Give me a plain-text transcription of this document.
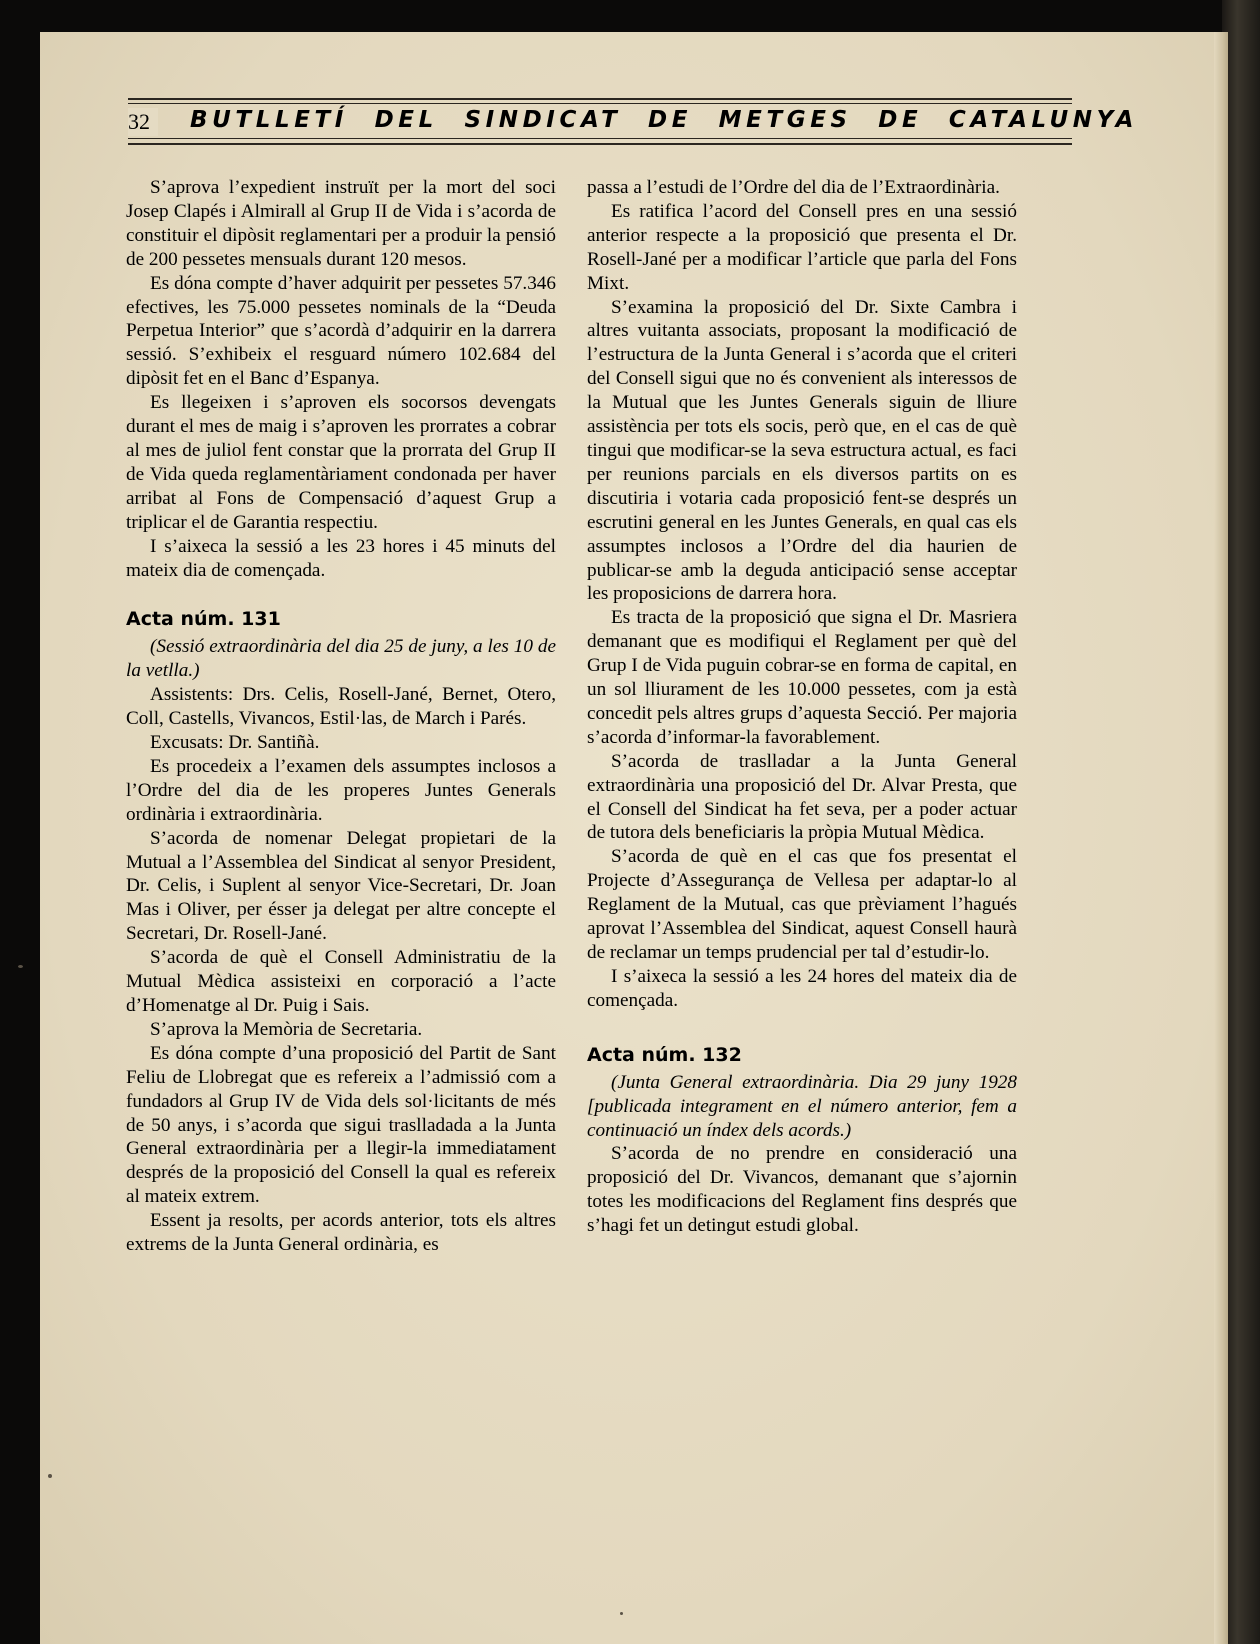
32	BUTLLETÍ DEL SINDICAT DE METGES DE CATALUNYA

S’aprova l’expedient instruït per la mort del soci Josep Clapés i Almirall al Grup II de Vida i s’acorda de constituir el dipòsit reglamentari per a produir la pensió de 200 pessetes mensuals durant 120 mesos.

Es dóna compte d’haver adquirit per pessetes 57.346 efectives, les 75.000 pessetes nominals de la “Deuda Perpetua Interior” que s’acordà d’adquirir en la darrera sessió. S’exhibeix el resguard número 102.684 del dipòsit fet en el Banc d’Espanya.

Es llegeixen i s’aproven els socorsos devengats durant el mes de maig i s’aproven les prorrates a cobrar al mes de juliol fent constar que la prorrata del Grup II de Vida queda reglamentàriament condonada per haver arribat al Fons de Compensació d’aquest Grup a triplicar el de Garantia respectiu.

I s’aixeca la sessió a les 23 hores i 45 minuts del mateix dia de començada.

Acta núm. 131

(Sessió extraordinària del dia 25 de juny, a les 10 de la vetlla.)

Assistents: Drs. Celis, Rosell-Jané, Bernet, Otero, Coll, Castells, Vivancos, Estil·las, de March i Parés.

Excusats: Dr. Santiñà.

Es procedeix a l’examen dels assumptes inclosos a l’Ordre del dia de les properes Juntes Generals ordinària i extraordinària.

S’acorda de nomenar Delegat propietari de la Mutual a l’Assemblea del Sindicat al senyor President, Dr. Celis, i Suplent al senyor Vice-Secretari, Dr. Joan Mas i Oliver, per ésser ja delegat per altre concepte el Secretari, Dr. Rosell-Jané.

S’acorda de què el Consell Administratiu de la Mutual Mèdica assisteixi en corporació a l’acte d’Homenatge al Dr. Puig i Sais.

S’aprova la Memòria de Secretaria.

Es dóna compte d’una proposició del Partit de Sant Feliu de Llobregat que es refereix a l’admissió com a fundadors al Grup IV de Vida dels sol·licitants de més de 50 anys, i s’acorda que sigui traslladada a la Junta General extraordinària per a llegir-la immediatament després de la proposició del Consell la qual es refereix al mateix extrem.

Essent ja resolts, per acords anterior, tots els altres extrems de la Junta General ordinària, es

passa a l’estudi de l’Ordre del dia de l’Extraordinària.

Es ratifica l’acord del Consell pres en una sessió anterior respecte a la proposició que presenta el Dr. Rosell-Jané per a modificar l’article que parla del Fons Mixt.

S’examina la proposició del Dr. Sixte Cambra i altres vuitanta associats, proposant la modificació de l’estructura de la Junta General i s’acorda que el criteri del Consell sigui que no és convenient als interessos de la Mutual que les Juntes Generals siguin de lliure assistència per tots els socis, però que, en el cas de què tingui que modificar-se la seva estructura actual, es faci per reunions parcials en els diversos partits on es discutiria i votaria cada proposició fent-se després un escrutini general en les Juntes Generals, en qual cas els assumptes inclosos a l’Ordre del dia haurien de publicar-se amb la deguda anticipació sense acceptar les proposicions de darrera hora.

Es tracta de la proposició que signa el Dr. Masriera demanant que es modifiqui el Reglament per què del Grup I de Vida puguin cobrar-se en forma de capital, en un sol lliurament de les 10.000 pessetes, com ja està concedit pels altres grups d’aquesta Secció. Per majoria s’acorda d’informar-la favorablement.

S’acorda de traslladar a la Junta General extraordinària una proposició del Dr. Alvar Presta, que el Consell del Sindicat ha fet seva, per a poder actuar de tutora dels beneficiaris la pròpia Mutual Mèdica.

S’acorda de què en el cas que fos presentat el Projecte d’Assegurança de Vellesa per adaptar-lo al Reglament de la Mutual, cas que prèviament l’hagués aprovat l’Assemblea del Sindicat, aquest Consell haurà de reclamar un temps prudencial per tal d’estudir-lo.

I s’aixeca la sessió a les 24 hores del mateix dia de començada.

Acta núm. 132

(Junta General extraordinària. Dia 29 juny 1928 [publicada integrament en el número anterior, fem a continuació un índex dels acords.)

S’acorda de no prendre en consideració una proposició del Dr. Vivancos, demanant que s’ajornin totes les modificacions del Reglament fins després que s’hagi fet un detingut estudi global.
